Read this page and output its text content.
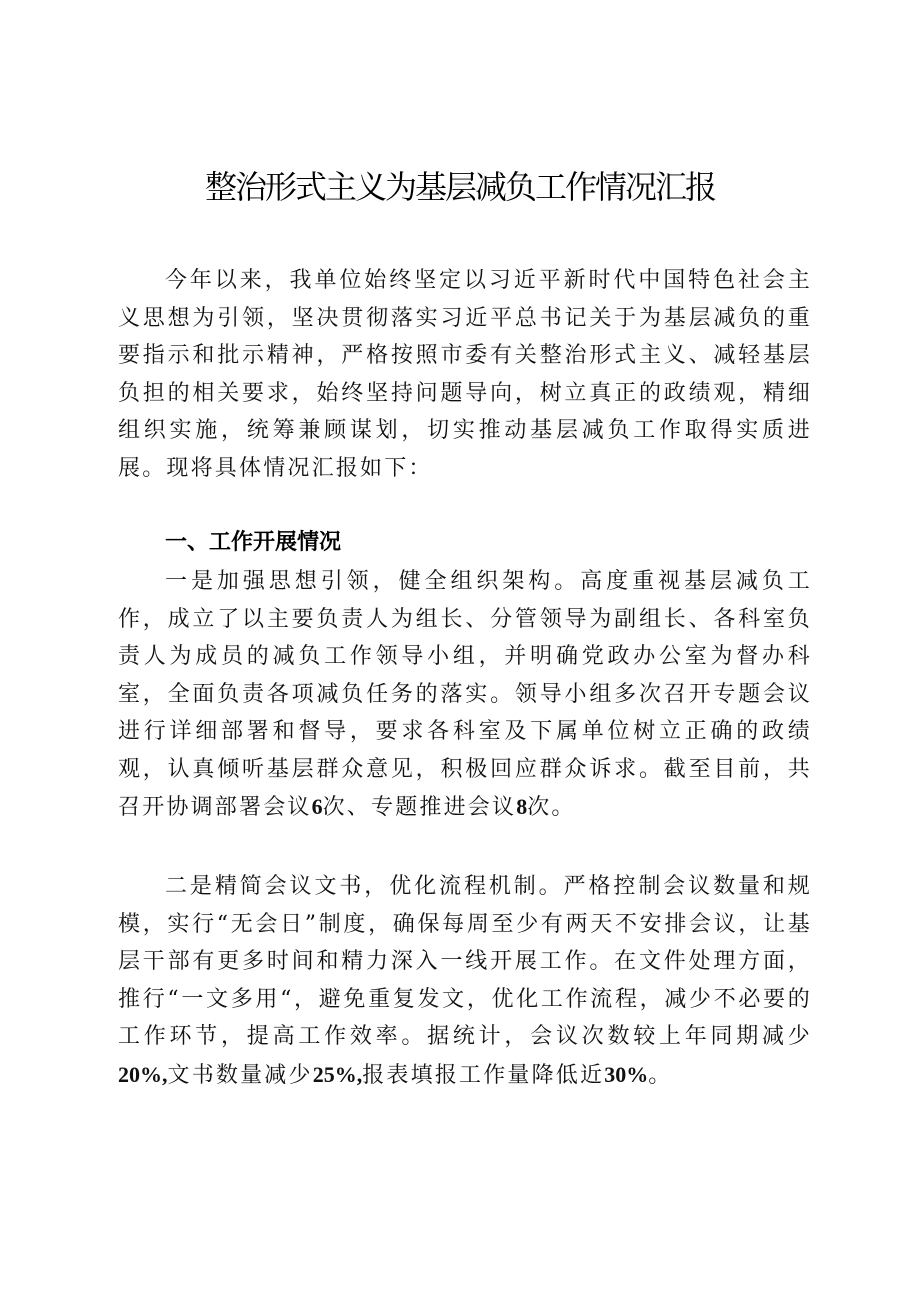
整治形式主义为基层减负工作情况汇报

今年以来，我单位始终坚定以习近平新时代中国特色社会主义思想为引领，坚决贯彻落实习近平总书记关于为基层减负的重要指示和批示精神，严格按照市委有关整治形式主义、减轻基层负担的相关要求，始终坚持问题导向，树立真正的政绩观，精细组织实施，统筹兼顾谋划，切实推动基层减负工作取得实质进展。现将具体情况汇报如下：

一、工作开展情况

一是加强思想引领，健全组织架构。高度重视基层减负工作，成立了以主要负责人为组长、分管领导为副组长、各科室负责人为成员的减负工作领导小组，并明确党政办公室为督办科室，全面负责各项减负任务的落实。领导小组多次召开专题会议进行详细部署和督导，要求各科室及下属单位树立正确的政绩观，认真倾听基层群众意见，积极回应群众诉求。截至目前，共召开协调部署会议6次、专题推进会议8次。

二是精简会议文书，优化流程机制。严格控制会议数量和规模，实行“无会日”制度，确保每周至少有两天不安排会议，让基层干部有更多时间和精力深入一线开展工作。在文件处理方面，推行“一文多用“，避免重复发文，优化工作流程，减少不必要的工作环节，提高工作效率。据统计，会议次数较上年同期减少20%,文书数量减少25%,报表填报工作量降低近30%。
